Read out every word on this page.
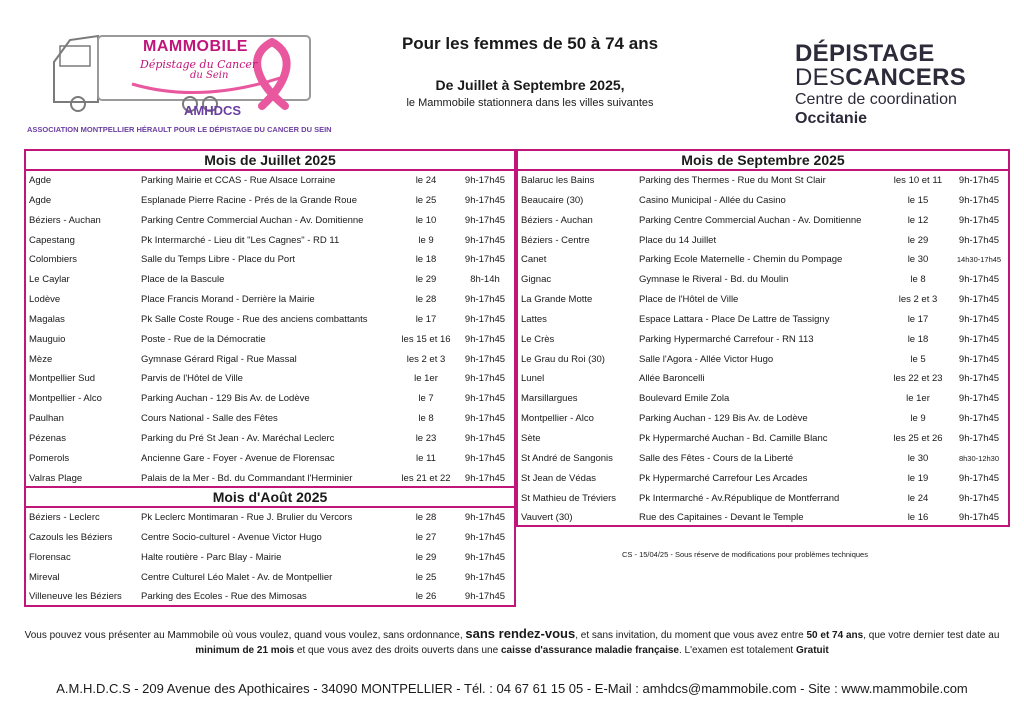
MAMMOBILE
Dépistage du Cancer
du Sein
AMHDCS
ASSOCIATION MONTPELLIER HÉRAULT POUR LE DÉPISTAGE DU CANCER DU SEIN
Pour les femmes de 50 à 74 ans
De Juillet à Septembre 2025,
le Mammobile stationnera dans les villes suivantes
DÉPISTAGE
DESCANCERS
Centre de coordination
Occitanie
Mois de Juillet 2025
Agde	Parking Mairie et CCAS - Rue Alsace Lorraine	le 24	9h-17h45
Agde	Esplanade Pierre Racine - Prés de la Grande Roue	le 25	9h-17h45
Béziers - Auchan	Parking Centre Commercial Auchan - Av. Domitienne	le 10	9h-17h45
Capestang	Pk Intermarché - Lieu dit "Les Cagnes" - RD 11	le 9	9h-17h45
Colombiers	Salle du Temps Libre - Place du Port	le 18	9h-17h45
Le Caylar	Place de la Bascule	le 29	8h-14h
Lodève	Place Francis Morand - Derrière la Mairie	le 28	9h-17h45
Magalas	Pk Salle Coste Rouge - Rue des anciens combattants	le 17	9h-17h45
Mauguio	Poste - Rue de la Démocratie	les 15 et 16	9h-17h45
Mèze	Gymnase Gérard Rigal - Rue Massal	les 2 et 3	9h-17h45
Montpellier Sud	Parvis de l'Hôtel de Ville	le 1er	9h-17h45
Montpellier - Alco	Parking Auchan - 129 Bis Av. de Lodève	le 7	9h-17h45
Paulhan	Cours National - Salle des Fêtes	le 8	9h-17h45
Pézenas	Parking du Pré St Jean - Av. Maréchal Leclerc	le 23	9h-17h45
Pomerols	Ancienne Gare - Foyer - Avenue de Florensac	le 11	9h-17h45
Valras Plage	Palais de la Mer - Bd. du Commandant l'Herminier	les 21 et 22	9h-17h45
Mois d'Août 2025
Béziers - Leclerc	Pk Leclerc Montimaran - Rue J. Brulier du Vercors	le 28	9h-17h45
Cazouls les Béziers	Centre Socio-culturel - Avenue Victor Hugo	le 27	9h-17h45
Florensac	Halte routière - Parc Blay - Mairie	le 29	9h-17h45
Mireval	Centre Culturel Léo Malet - Av. de Montpellier	le 25	9h-17h45
Villeneuve les Béziers Parking des Ecoles - Rue des Mimosas	le 26	9h-17h45
Mois de Septembre 2025
Balaruc les Bains	Parking des Thermes - Rue du Mont St Clair	les 10 et 11	9h-17h45
Beaucaire (30)	Casino Municipal - Allée du Casino	le 15	9h-17h45
Béziers - Auchan	Parking Centre Commercial Auchan - Av. Domitienne	le 12	9h-17h45
Béziers - Centre	Place du 14 Juillet	le 29	9h-17h45
Canet	Parking Ecole Maternelle - Chemin du Pompage	le 30	14h30-17h45
Gignac	Gymnase le Riveral - Bd. du Moulin	le 8	9h-17h45
La Grande Motte	Place de l'Hôtel de Ville	les 2 et 3	9h-17h45
Lattes	Espace Lattara - Place De Lattre de Tassigny	le 17	9h-17h45
Le Crès	Parking Hypermarché Carrefour - RN 113	le 18	9h-17h45
Le Grau du Roi (30)	Salle l'Agora - Allée Victor Hugo	le 5	9h-17h45
Lunel	Allée Baroncelli	les 22 et 23	9h-17h45
Marsillargues	Boulevard Emile Zola	le 1er	9h-17h45
Montpellier - Alco	Parking Auchan - 129 Bis Av. de Lodève	le 9	9h-17h45
Sète	Pk Hypermarché Auchan - Bd. Camille Blanc	les 25 et 26	9h-17h45
St André de Sangonis	Salle des Fêtes - Cours de la Liberté	le 30	8h30-12h30
St Jean de Védas	Pk Hypermarché Carrefour Les Arcades	le 19	9h-17h45
St Mathieu de Tréviers Pk Intermarché - Av.République de Montferrand	le 24	9h-17h45
Vauvert (30)	Rue des Capitaines - Devant le Temple	le 16	9h-17h45
CS - 15/04/25 - Sous réserve de modifications pour problèmes techniques
Vous pouvez vous présenter au Mammobile où vous voulez, quand vous voulez, sans ordonnance, sans rendez-vous, et sans invitation, du moment que vous avez entre 50 et 74 ans, que votre dernier test date au minimum de 21 mois et que vous avez des droits ouverts dans une caisse d'assurance maladie française. L'examen est totalement Gratuit
A.M.H.D.C.S - 209 Avenue des Apothicaires - 34090 MONTPELLIER - Tél. : 04 67 61 15 05 - E-Mail : amhdcs@mammobile.com - Site : www.mammobile.com
